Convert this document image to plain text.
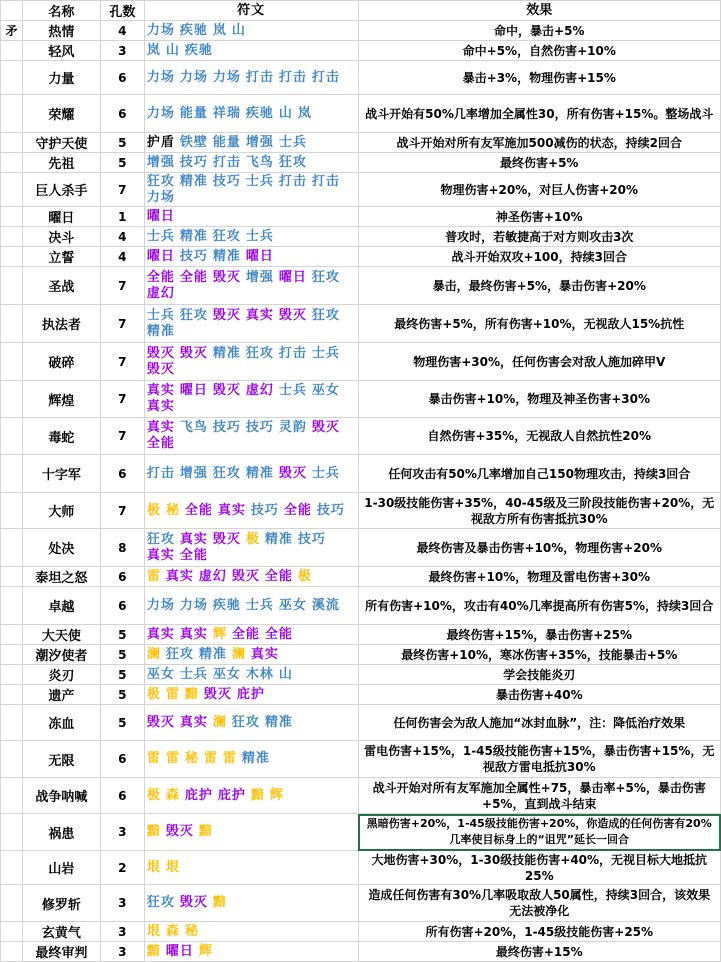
	名称	孔数	符文	效果
矛	热情	4	力场 疾驰 岚 山	命中，暴击+5%
	轻风	3	岚 山 疾驰	命中+5%，自然伤害+10%
	力量	6	力场 力场 力场 打击 打击 打击	暴击+3%，物理伤害+15%
	荣耀	6	力场 能量 祥瑞 疾驰 山 岚	战斗开始有50%几率增加全属性30，所有伤害+15%。整场战斗
	守护天使	5	护盾 铁壁 能量 增强 士兵	战斗开始对所有友军施加500减伤的状态，持续2回合
	先祖	5	增强 技巧 打击 飞鸟 狂攻	最终伤害+5%
	巨人杀手	7	狂攻 精准 技巧 士兵 打击 打击力场	物理伤害+20%，对巨人伤害+20%
	曜日	1	曜日	神圣伤害+10%
	决斗	4	士兵 精准 狂攻 士兵	普攻时，若敏捷高于对方则攻击3次
	立誓	4	曜日 技巧 精准 曜日	战斗开始双攻+100，持续3回合
	圣战	7	全能 全能 毁灭 增强 曜日 狂攻虚幻	暴击，最终伤害+5%，暴击伤害+20%
	执法者	7	士兵 狂攻 毁灭 真实 毁灭 狂攻精准	最终伤害+5%，所有伤害+10%，无视敌人15%抗性
	破碎	7	毁灭 毁灭 精准 狂攻 打击 士兵毁灭	物理伤害+30%，任何伤害会对敌人施加碎甲V
	辉煌	7	真实 曜日 毁灭 虚幻 士兵 巫女真实	暴击伤害+10%，物理及神圣伤害+30%
	毒蛇	7	真实 飞鸟 技巧 技巧 灵韵 毁灭全能	自然伤害+35%，无视敌人自然抗性20%
	十字军	6	打击 增强 狂攻 精准 毁灭 士兵	任何攻击有50%几率增加自己150物理攻击，持续3回合
	大师	7	极 秘 全能 真实 技巧 全能 技巧	1-30级技能伤害+35%，40-45级及三阶段技能伤害+20%，无视敌方所有伤害抵抗30%
	处决	8	狂攻 真实 毁灭 极 精准 技巧真实 全能	最终伤害及暴击伤害+10%，物理伤害+20%
	泰坦之怒	6	雷 真实 虚幻 毁灭 全能 极	最终伤害+10%，物理及雷电伤害+30%
	卓越	6	力场 力场 疾驰 士兵 巫女 溪流	所有伤害+10%，攻击有40%几率提高所有伤害5%，持续3回合
	大天使	5	真实 真实 辉 全能 全能	最终伤害+15%，暴击伤害+25%
	潮汐使者	5	澜 狂攻 精准 澜 真实	最终伤害+10%，寒冰伤害+35%，技能暴击+5%
	炎刃	5	巫女 士兵 巫女 木林 山	学会技能炎刃
	遗产	5	极 雷 黯 毁灭 庇护	暴击伤害+40%
	冻血	5	毁灭 真实 澜 狂攻 精准	任何伤害会为敌人施加“冰封血脉”，注：降低治疗效果
	无限	6	雷 雷 秘 雷 雷 精准	雷电伤害+15%，1-45级技能伤害+15%，暴击伤害+15%，无视敌方雷电抵抗30%
	战争呐喊	6	极 森 庇护 庇护 黯 辉	战斗开始对所有友军施加全属性+75，暴击率+5%，暴击伤害+5%，直到战斗结束
	祸患	3	黯 毁灭 黯	黑暗伤害+20%，1-45级技能伤害+20%，你造成的任何伤害有20%几率使目标身上的“诅咒”延长一回合
	山岩	2	垠 垠	大地伤害+30%，1-30级技能伤害+40%，无视目标大地抵抗25%
	修罗斩	3	狂攻 毁灭 黯	造成任何伤害有30%几率吸取敌人50属性，持续3回合，该效果无法被净化
	玄黄气	3	垠 森 秘	所有伤害+20%，1-45级技能伤害+25%
	最终审判	3	黯 曜日 辉	最终伤害+15%
